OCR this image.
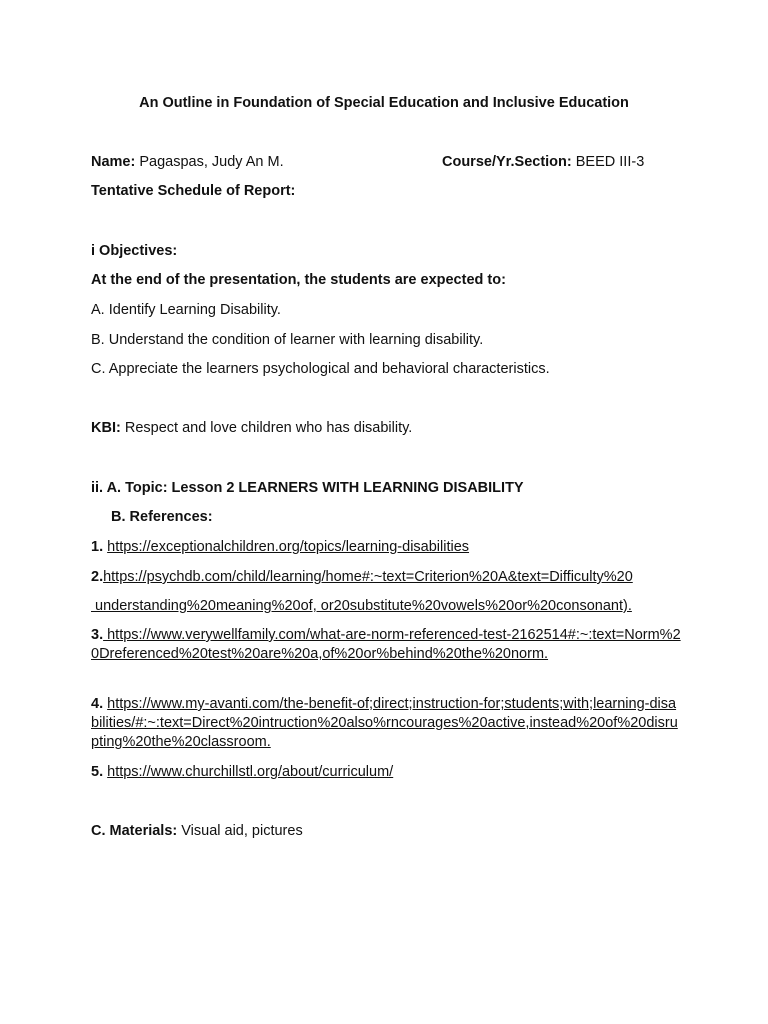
An Outline in Foundation of Special Education and Inclusive Education
Name: Pagaspas, Judy An M.	Course/Yr.Section: BEED III-3
Tentative Schedule of Report:
i Objectives:
At the end of the presentation, the students are expected to:
A. Identify Learning Disability.
B. Understand the condition of learner with learning disability.
C. Appreciate the learners psychological and behavioral characteristics.
KBI: Respect and love children who has disability.
ii. A. Topic: Lesson 2 LEARNERS WITH LEARNING DISABILITY
B. References:
1. https://exceptionalchildren.org/topics/learning-disabilities
2.https://psychdb.com/child/learning/home#:~text=Criterion%20A&text=Difficulty%20
understanding%20meaning%20of, or20substitute%20vowels%20or%20consonant).
3. https://www.verywellfamily.com/what-are-norm-referenced-test-2162514#:~:text=Norm%20Dreferenced%20test%20are%20a,of%20or%behind%20the%20norm.
4. https://www.my-avanti.com/the-benefit-of;direct;instruction-for;students;with;learning-disabilities/#:~:text=Direct%20intruction%20also%rncourages%20active,instead%20of%20disrupting%20the%20classroom.
5. https://www.churchillstl.org/about/curriculum/
C. Materials: Visual aid, pictures
